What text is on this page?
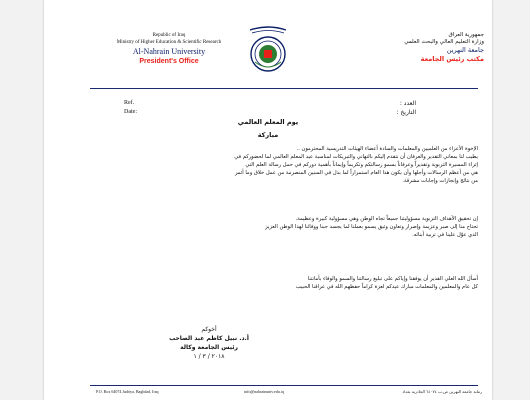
Republic of Iraq
Ministry of Higher Education & Scientific Research
Al-Nahrain University
President's Office
جمهورية العراق
وزارة التعليم العالي والبحث العلمي
جامعة النهرين
مكتب رئيس الجامعة
Ref.
Date:
العدد :
التاريخ :
يوم المعلم العالمي
مباركة
الإخوة الأعزاء من العلميين والمعلمات والسادة أعضاء الهيئات التدريسية المحترمون ..
يطيب لنا بمعاني التقدير والعرفان أن نتقدم إليكم بالتهاني والتبريكات لمناسبة عيد المعلم العالمي لما لحضوركم في
إثراء المسيرة التربوية وتقديراً وعرفاناً بسمو رسالتكم وتكريماً وإيماناً بأهمية دوركم في حمل رسالة العلم التي
هي من أعظم الرسالات وأجلها وأن يكون هذا العام استمراراً لما بذل في السنين المنصرمة من عمل خلاق وما أثمر
من نتائج وإنجازات وإجابات مشرقة.
إن تحقيق الأهداف التربوية مسؤوليتنا جميعاً تجاه الوطن وهي مسؤولية كبيرة وعظيمة.
تحتاج منا إلى صبر وعزيمة وإصرار وتعاون وثيق يسمو بعملنا لما يجسد حبنا ووفائنا لهذا الوطن العزيز
الذي عوّل علينا في تربية أبنائه.
أسأل الله العلي القدير أن يوفقنا وإياكم على تبليغ رسالتنا والسمو والوفاء بأمانتنا
كل عام والمعلمين والمعلمات مبارك عيدكم لعزة كراماً حفظهم الله في عراقنا الحبيب
أخوكم
أ.د. نبيل كاظم عبد الصاحب
رئيس الجامعة وكالة
٢٠١٨ / ٣ / ١
P.O. Box 64074 Jadriya, Baghdad, Iraq	info@nahrainuniv.edu.iq	رمانة جامعة النهرين ص.ب ٦٤٠٧٤ الجادرية بغداد
